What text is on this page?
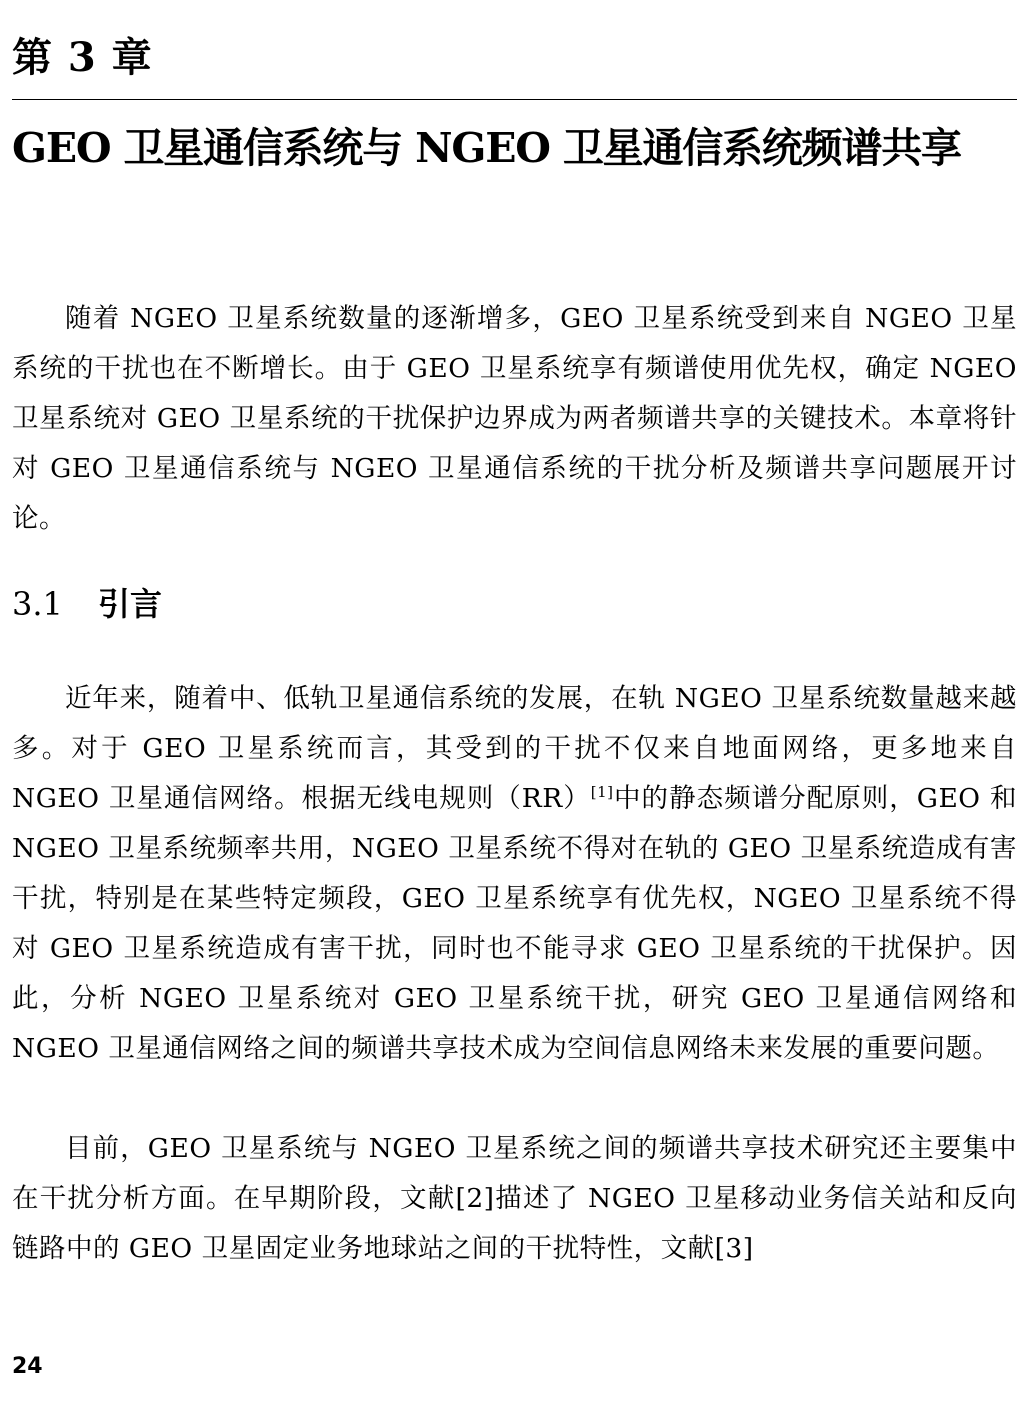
第 3 章
GEO 卫星通信系统与 NGEO 卫星通信系统频谱共享

随着 NGEO 卫星系统数量的逐渐增多，GEO 卫星系统受到来自 NGEO 卫星系统的干扰也在不断增长。由于 GEO 卫星系统享有频谱使用优先权，确定 NGEO 卫星系统对 GEO 卫星系统的干扰保护边界成为两者频谱共享的关键技术。本章将针对 GEO 卫星通信系统与 NGEO 卫星通信系统的干扰分析及频谱共享问题展开讨论。

3.1 引言

近年来，随着中、低轨卫星通信系统的发展，在轨 NGEO 卫星系统数量越来越多。对于 GEO 卫星系统而言，其受到的干扰不仅来自地面网络，更多地来自 NGEO 卫星通信网络。根据无线电规则（RR）[1]中的静态频谱分配原则，GEO 和 NGEO 卫星系统频率共用，NGEO 卫星系统不得对在轨的 GEO 卫星系统造成有害干扰，特别是在某些特定频段，GEO 卫星系统享有优先权，NGEO 卫星系统不得对 GEO 卫星系统造成有害干扰，同时也不能寻求 GEO 卫星系统的干扰保护。因此，分析 NGEO 卫星系统对 GEO 卫星系统干扰，研究 GEO 卫星通信网络和 NGEO 卫星通信网络之间的频谱共享技术成为空间信息网络未来发展的重要问题。

目前，GEO 卫星系统与 NGEO 卫星系统之间的频谱共享技术研究还主要集中在干扰分析方面。在早期阶段，文献[2]描述了 NGEO 卫星移动业务信关站和反向链路中的 GEO 卫星固定业务地球站之间的干扰特性，文献[3]

24
